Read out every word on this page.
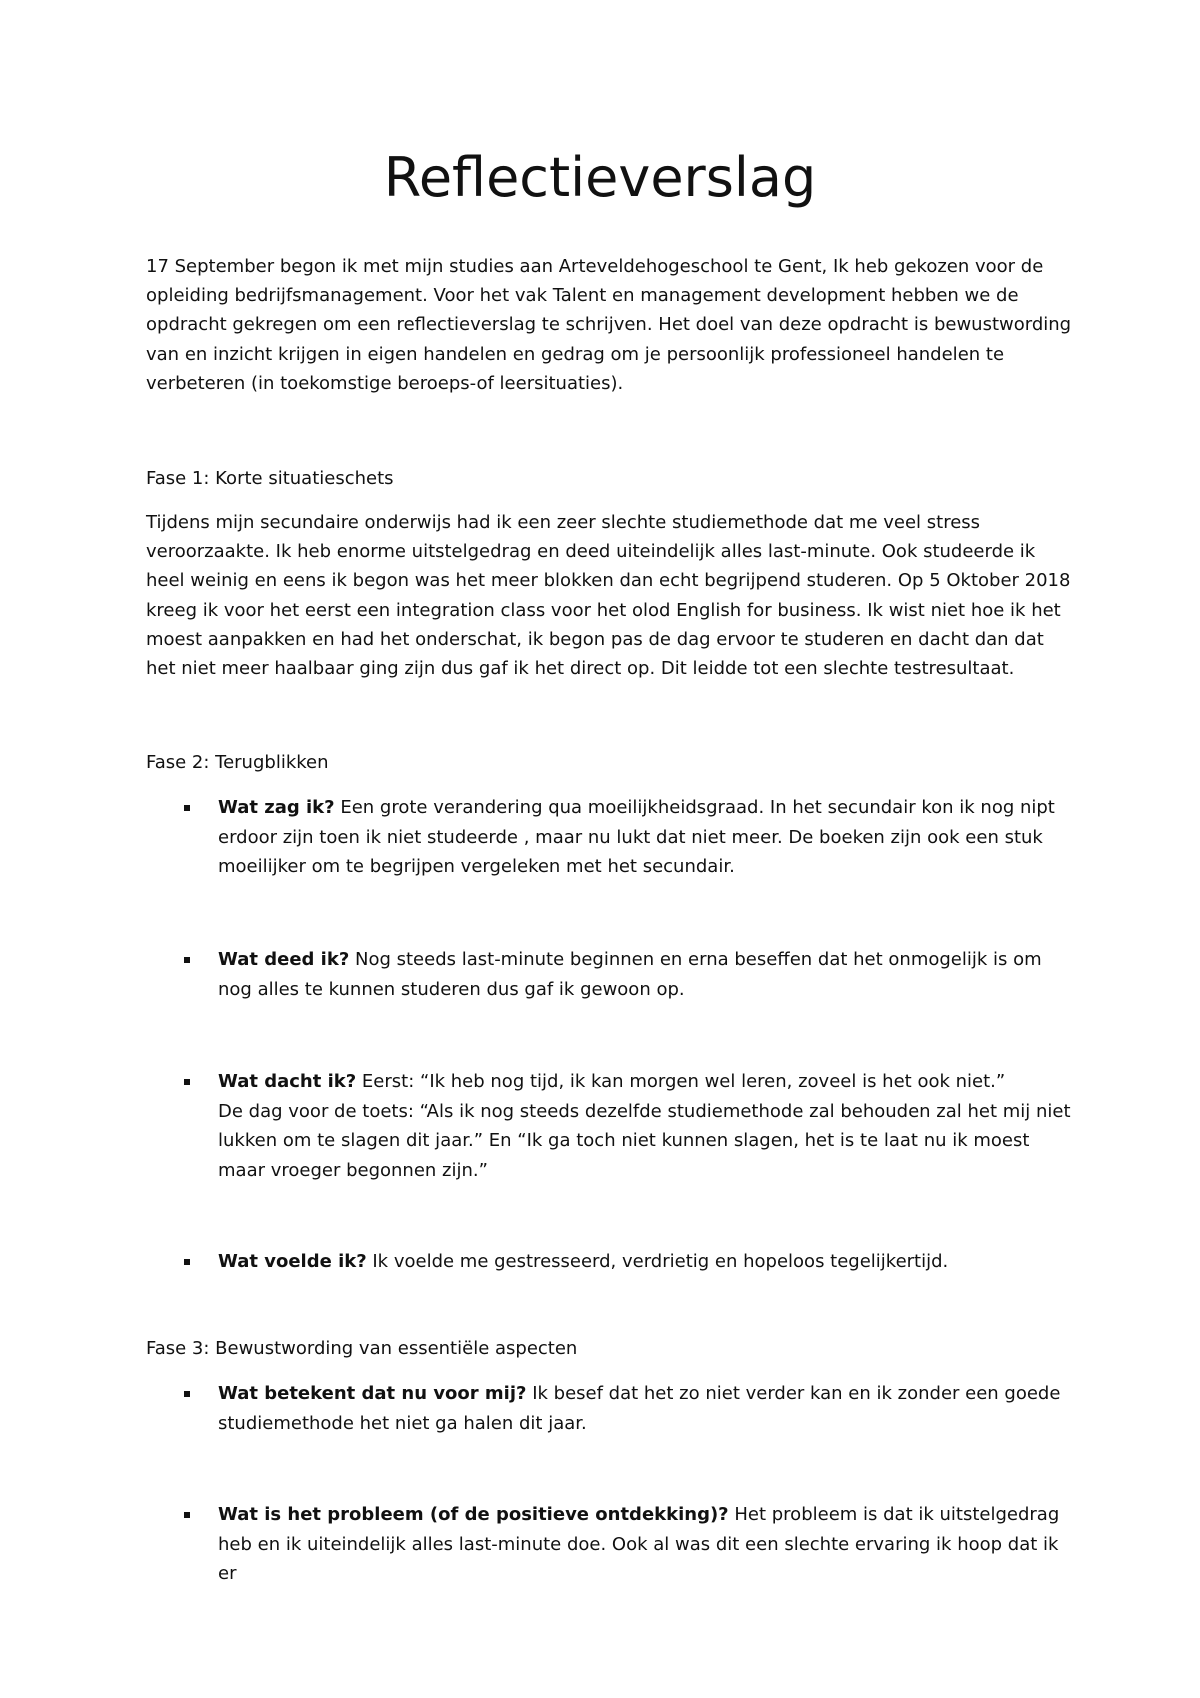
Reflectieverslag

17 September begon ik met mijn studies aan Arteveldehogeschool te Gent, Ik heb gekozen voor de opleiding bedrijfsmanagement. Voor het vak Talent en management development hebben we de opdracht gekregen om een reflectieverslag te schrijven. Het doel van deze opdracht is bewustwording van en inzicht krijgen in eigen handelen en gedrag om je persoonlijk professioneel handelen te verbeteren (in toekomstige beroeps-of leersituaties).

Fase 1: Korte situatieschets

Tijdens mijn secundaire onderwijs had ik een zeer slechte studiemethode dat me veel stress veroorzaakte. Ik heb enorme uitstelgedrag en deed uiteindelijk alles last-minute. Ook studeerde ik heel weinig en eens ik begon was het meer blokken dan echt begrijpend studeren. Op 5 Oktober 2018 kreeg ik voor het eerst een integration class voor het olod English for business. Ik wist niet hoe ik het moest aanpakken en had het onderschat, ik begon pas de dag ervoor te studeren en dacht dan dat het niet meer haalbaar ging zijn dus gaf ik het direct op. Dit leidde tot een slechte testresultaat.

Fase 2: Terugblikken

Wat zag ik? Een grote verandering qua moeilijkheidsgraad. In het secundair kon ik nog nipt erdoor zijn toen ik niet studeerde , maar nu lukt dat niet meer. De boeken zijn ook een stuk moeilijker om te begrijpen vergeleken met het secundair.

Wat deed ik? Nog steeds last-minute beginnen en erna beseffen dat het onmogelijk is om nog alles te kunnen studeren dus gaf ik gewoon op.

Wat dacht ik? Eerst: “Ik heb nog tijd, ik kan morgen wel leren, zoveel is het ook niet.”
De dag voor de toets: “Als ik nog steeds dezelfde studiemethode zal behouden zal het mij niet lukken om te slagen dit jaar.” En “Ik ga toch niet kunnen slagen, het is te laat nu ik moest maar vroeger begonnen zijn.”

Wat voelde ik? Ik voelde me gestresseerd, verdrietig en hopeloos tegelijkertijd.

Fase 3: Bewustwording van essentiële aspecten

Wat betekent dat nu voor mij? Ik besef dat het zo niet verder kan en ik zonder een goede studiemethode het niet ga halen dit jaar.

Wat is het probleem (of de positieve ontdekking)? Het probleem is dat ik uitstelgedrag heb en ik uiteindelijk alles last-minute doe. Ook al was dit een slechte ervaring ik hoop dat ik er
